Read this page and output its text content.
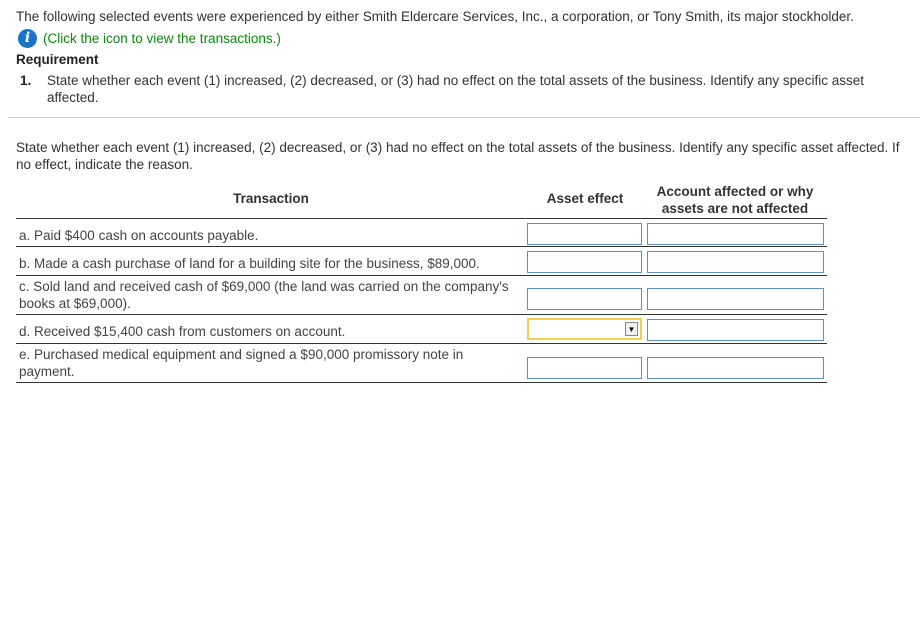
The following selected events were experienced by either Smith Eldercare Services, Inc., a corporation, or Tony Smith, its major stockholder.
i (Click the icon to view the transactions.)
Requirement
1.	State whether each event (1) increased, (2) decreased, or (3) had no effect on the total assets of the business. Identify any specific asset affected.
State whether each event (1) increased, (2) decreased, or (3) had no effect on the total assets of the business. Identify any specific asset affected. If no effect, indicate the reason.
Transaction	Asset effect	Account affected or why assets are not affected
a. Paid $400 cash on accounts payable.
b. Made a cash purchase of land for a building site for the business, $89,000.
c. Sold land and received cash of $69,000 (the land was carried on the company's books at $69,000).
d. Received $15,400 cash from customers on account.	▼
e. Purchased medical equipment and signed a $90,000 promissory note in payment.
